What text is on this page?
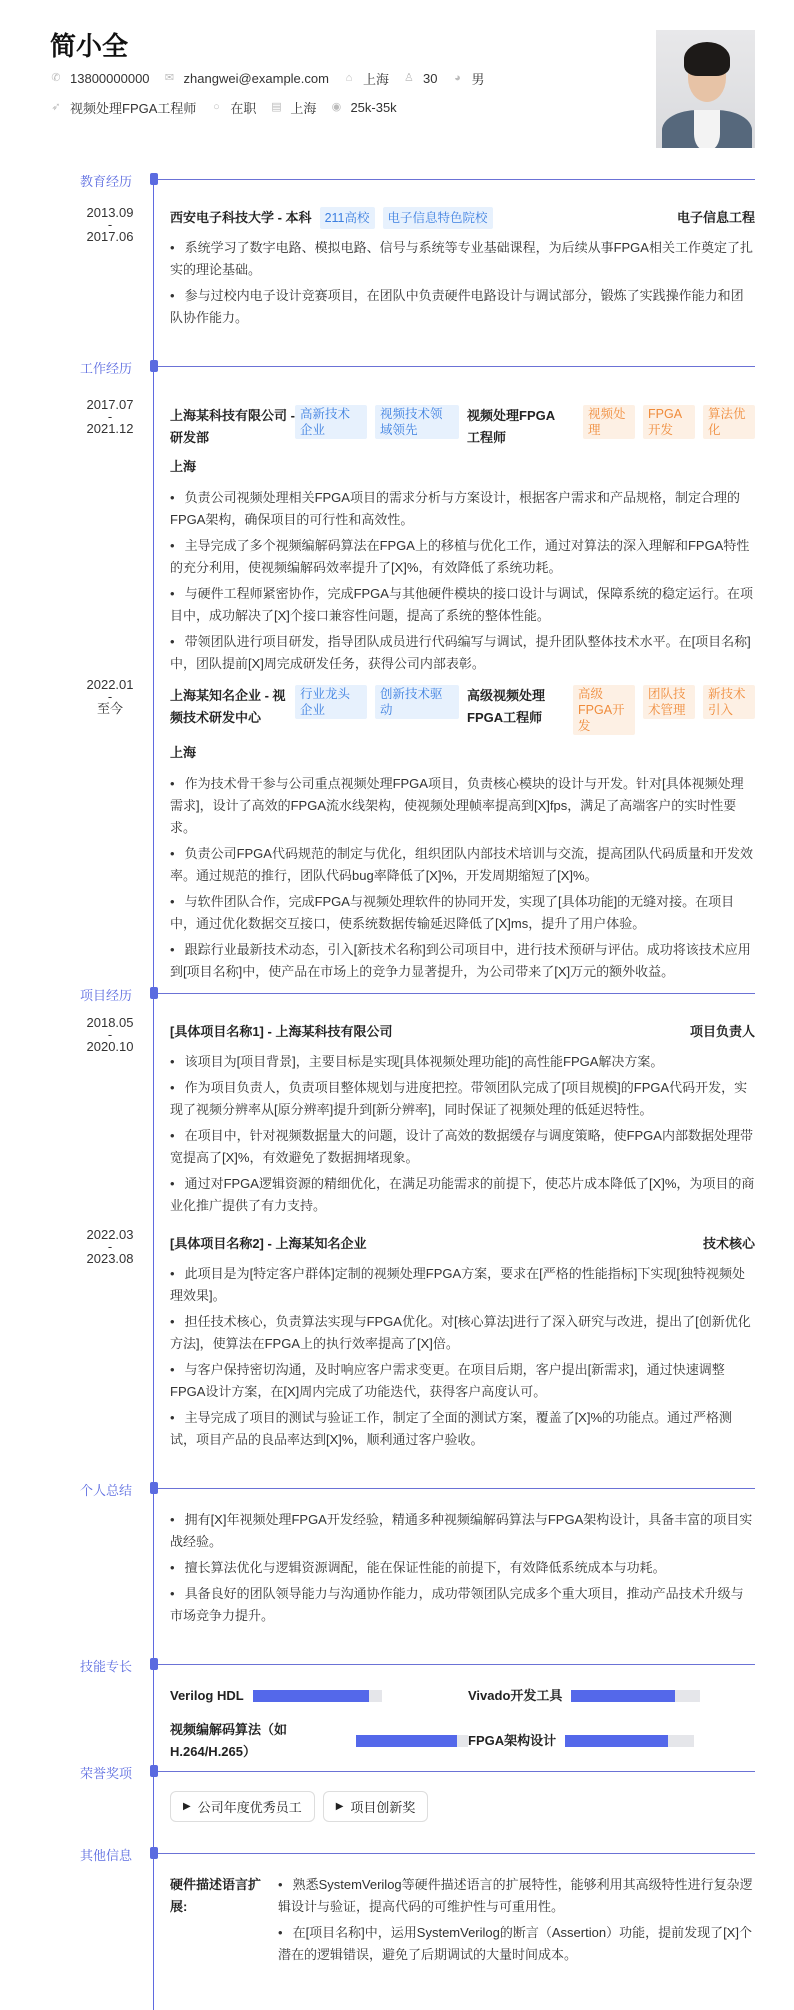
简小全
✆ 13800000000 ✉ zhangwei@example.com ⌂ 上海 ♙ 30 ◕ 男
➶ 视频处理FPGA工程师 ○ 在职 ▤ 上海 ◉ 25k-35k
教育经历
2013.09
-
2017.06
西安电子科技大学 - 本科	211高校	电子信息特色院校	电子信息工程
• 系统学习了数字电路、模拟电路、信号与系统等专业基础课程，为后续从事FPGA相关工作奠定了扎实的理论基础。
• 参与过校内电子设计竞赛项目，在团队中负责硬件电路设计与调试部分，锻炼了实践操作能力和团队协作能力。
工作经历
2017.07
-
2021.12
上海某科技有限公司 - 研发部
高新技术企业
视频技术领域领先
视频处理FPGA工程师
视频处理
FPGA开发
算法优化
上海
• 负责公司视频处理相关FPGA项目的需求分析与方案设计，根据客户需求和产品规格，制定合理的FPGA架构，确保项目的可行性和高效性。
• 主导完成了多个视频编解码算法在FPGA上的移植与优化工作，通过对算法的深入理解和FPGA特性的充分利用，使视频编解码效率提升了[X]%，有效降低了系统功耗。
• 与硬件工程师紧密协作，完成FPGA与其他硬件模块的接口设计与调试，保障系统的稳定运行。在项目中，成功解决了[X]个接口兼容性问题，提高了系统的整体性能。
• 带领团队进行项目研发，指导团队成员进行代码编写与调试，提升团队整体技术水平。在[项目名称]中，团队提前[X]周完成研发任务，获得公司内部表彰。
2022.01
-
至今
上海某知名企业 - 视频技术研发中心
行业龙头企业
创新技术驱动
高级视频处理FPGA工程师
高级FPGA开发
团队技术管理
新技术引入
上海
• 作为技术骨干参与公司重点视频处理FPGA项目，负责核心模块的设计与开发。针对[具体视频处理需求]，设计了高效的FPGA流水线架构，使视频处理帧率提高到[X]fps，满足了高端客户的实时性要求。
• 负责公司FPGA代码规范的制定与优化，组织团队内部技术培训与交流，提高团队代码质量和开发效率。通过规范的推行，团队代码bug率降低了[X]%，开发周期缩短了[X]%。
• 与软件团队合作，完成FPGA与视频处理软件的协同开发，实现了[具体功能]的无缝对接。在项目中，通过优化数据交互接口，使系统数据传输延迟降低了[X]ms，提升了用户体验。
• 跟踪行业最新技术动态，引入[新技术名称]到公司项目中，进行技术预研与评估。成功将该技术应用到[项目名称]中，使产品在市场上的竞争力显著提升，为公司带来了[X]万元的额外收益。
项目经历
2018.05
-
2020.10
[具体项目名称1] - 上海某科技有限公司	项目负责人
• 该项目为[项目背景]，主要目标是实现[具体视频处理功能]的高性能FPGA解决方案。
• 作为项目负责人，负责项目整体规划与进度把控。带领团队完成了[项目规模]的FPGA代码开发，实现了视频分辨率从[原分辨率]提升到[新分辨率]，同时保证了视频处理的低延迟特性。
• 在项目中，针对视频数据量大的问题，设计了高效的数据缓存与调度策略，使FPGA内部数据处理带宽提高了[X]%，有效避免了数据拥堵现象。
• 通过对FPGA逻辑资源的精细优化，在满足功能需求的前提下，使芯片成本降低了[X]%，为项目的商业化推广提供了有力支持。
2022.03
-
2023.08
[具体项目名称2] - 上海某知名企业	技术核心
• 此项目是为[特定客户群体]定制的视频处理FPGA方案，要求在[严格的性能指标]下实现[独特视频处理效果]。
• 担任技术核心，负责算法实现与FPGA优化。对[核心算法]进行了深入研究与改进，提出了[创新优化方法]，使算法在FPGA上的执行效率提高了[X]倍。
• 与客户保持密切沟通，及时响应客户需求变更。在项目后期，客户提出[新需求]，通过快速调整FPGA设计方案，在[X]周内完成了功能迭代，获得客户高度认可。
• 主导完成了项目的测试与验证工作，制定了全面的测试方案，覆盖了[X]%的功能点。通过严格测试，项目产品的良品率达到[X]%，顺利通过客户验收。
个人总结
• 拥有[X]年视频处理FPGA开发经验，精通多种视频编解码算法与FPGA架构设计，具备丰富的项目实战经验。
• 擅长算法优化与逻辑资源调配，能在保证性能的前提下，有效降低系统成本与功耗。
• 具备良好的团队领导能力与沟通协作能力，成功带领团队完成多个重大项目，推动产品技术升级与市场竞争力提升。
技能专长
Verilog HDL	Vivado开发工具
视频编解码算法（如H.264/H.265）
FPGA架构设计
荣誉奖项
▶ 公司年度优秀员工	▶ 项目创新奖
其他信息
硬件描述语言扩展:
• 熟悉SystemVerilog等硬件描述语言的扩展特性，能够利用其高级特性进行复杂逻辑设计与验证，提高代码的可维护性与可重用性。
• 在[项目名称]中，运用SystemVerilog的断言（Assertion）功能，提前发现了[X]个潜在的逻辑错误，避免了后期调试的大量时间成本。
